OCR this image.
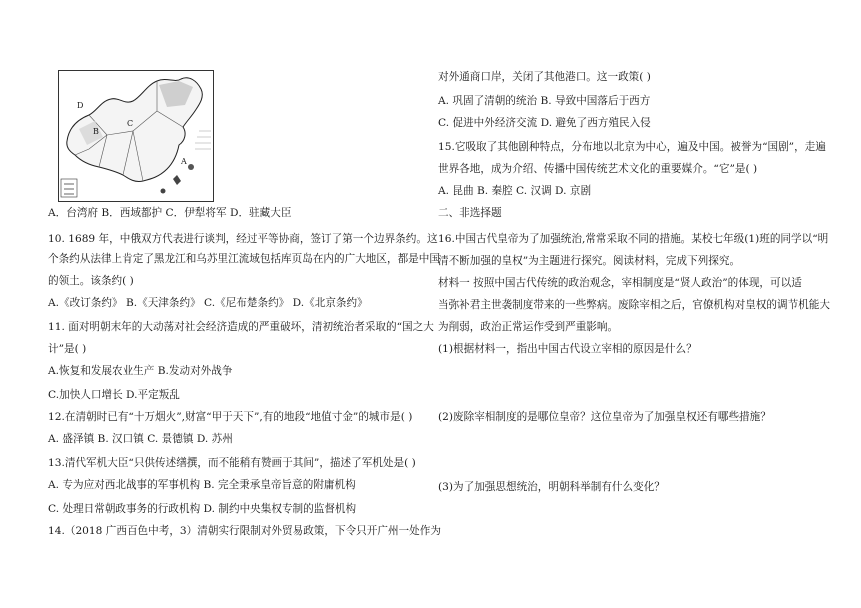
D
B
C
A
A．台湾府 B．西域都护 C．伊犁将军 D．驻藏大臣
10. 1689 年，中俄双方代表进行谈判，经过平等协商，签订了第一个边界条约。这
个条约从法律上肯定了黑龙江和乌苏里江流域包括库页岛在内的广大地区，都是中国
的领土。该条约( )
A.《改订条约》 B.《天津条约》 C.《尼布楚条约》 D.《北京条约》
11. 面对明朝末年的大动荡对社会经济造成的严重破坏，清初统治者采取的“国之大
计”是( )
A.恢复和发展农业生产 B.发动对外战争
C.加快人口增长 D.平定叛乱
12.在清朝时已有“十万烟火”,财富“甲于天下”,有的地段“地值寸金”的城市是( )
A. 盛泽镇 B. 汉口镇 C. 景德镇 D. 苏州
13.清代军机大臣“只供传述缮撰，而不能稍有赞画于其间”，描述了军机处是( )
A. 专为应对西北战事的军事机构 B. 完全秉承皇帝旨意的附庸机构
C. 处理日常朝政事务的行政机构 D. 制约中央集权专制的监督机构
14.（2018 广西百色中考，3）清朝实行限制对外贸易政策，下令只开广州一处作为
对外通商口岸，关闭了其他港口。这一政策( )
A. 巩固了清朝的统治 B. 导致中国落后于西方
C. 促进中外经济交流 D. 避免了西方殖民入侵
15.它吸取了其他剧种特点，分布地以北京为中心，遍及中国。被誉为“国剧”，走遍
世界各地，成为介绍、传播中国传统艺术文化的重要媒介。“它”是( )
A. 昆曲 B. 秦腔 C. 汉调 D. 京剧
二、非选择题
16.中国古代皇帝为了加强统治,常常采取不同的措施。某校七年级(1)班的同学以“明
清不断加强的皇权”为主题进行探究。阅读材料，完成下列探究。
材料一 按照中国古代传统的政治观念，宰相制度是“贤人政治”的体现，可以适
当弥补君主世袭制度带来的一些弊病。废除宰相之后，官僚机构对皇权的调节机能大
为削弱，政治正常运作受到严重影响。
(1)根据材料一，指出中国古代设立宰相的原因是什么？
(2)废除宰相制度的是哪位皇帝？这位皇帝为了加强皇权还有哪些措施？
(3)为了加强思想统治，明朝科举制有什么变化？
